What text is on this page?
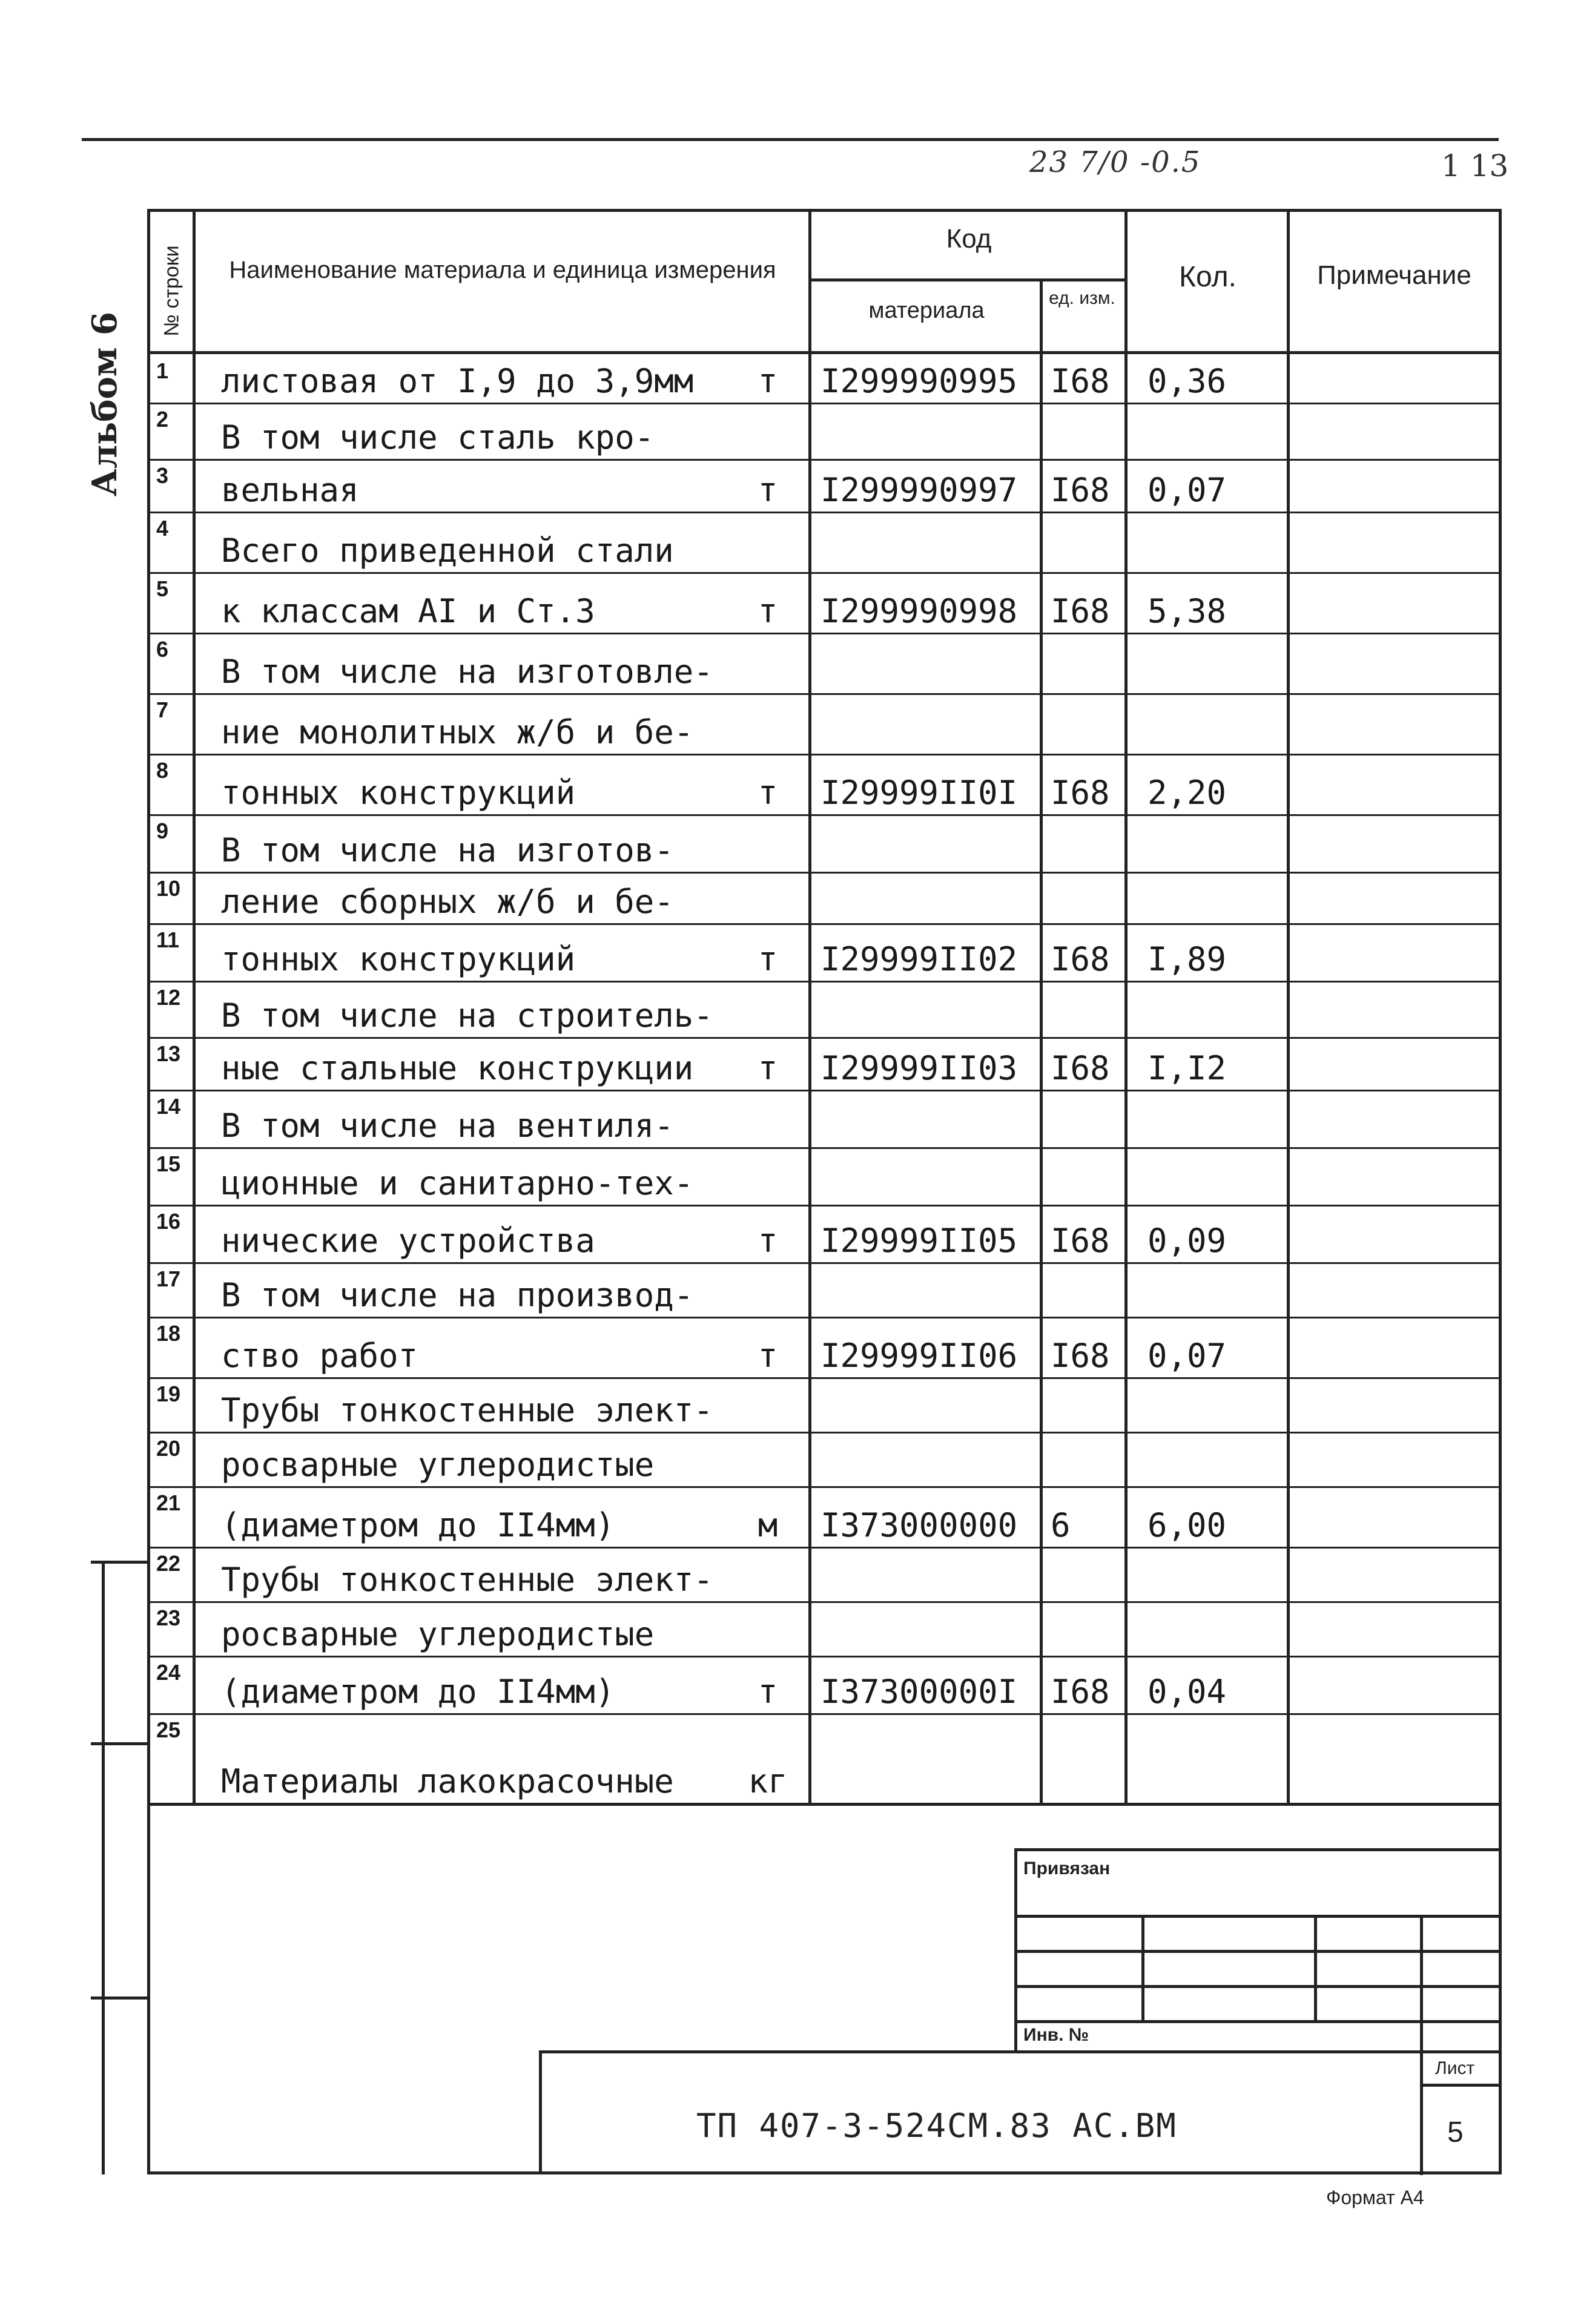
23 7/0 -0.5	1 13
Альбом 6
№ строки	Наименование материала и единица измерения
Код
материала	ед. изм.
Кол.	Примечание
1 листовая от I,9 до 3,9мм	т	I299990995 I68 0,36
2 В том числе сталь кро-
3 вельная	т	I299990997 I68 0,07
4
Всего приведенной стали
5
к классам АI и Ст.3	т	I299990998 I68 5,38
6
В том числе на изготовле-
7
ние монолитных ж/б и бе-
8
тонных конструкций	т	I29999II0I I68 2,20
9
В том числе на изготов-
10 ление сборных ж/б и бе-
11
тонных конструкций	т	I29999II02 I68 I,89
12 В том числе на строитель-
13 ные стальные конструкции	т	I29999II03 I68 I,I2
14
В том числе на вентиля-
15
ционные и санитарно-тех-
16
нические устройства	т	I29999II05 I68 0,09
17 В том числе на производ-
18
ство работ	т	I29999II06 I68 0,07
19 Трубы тонкостенные элект-
20 росварные углеродистые
21
(диаметром до II4мм)	м	I373000000 6 6,00
22 Трубы тонкостенные элект-
23 росварные углеродистые
24
(диаметром до II4мм)	т	I37300000I I68 0,04
25
Материалы лакокрасочные	кг
Привязан
Инв. №
ТП 407-3-524СМ.83 АС.ВМ
Лист
5
Формат А4
